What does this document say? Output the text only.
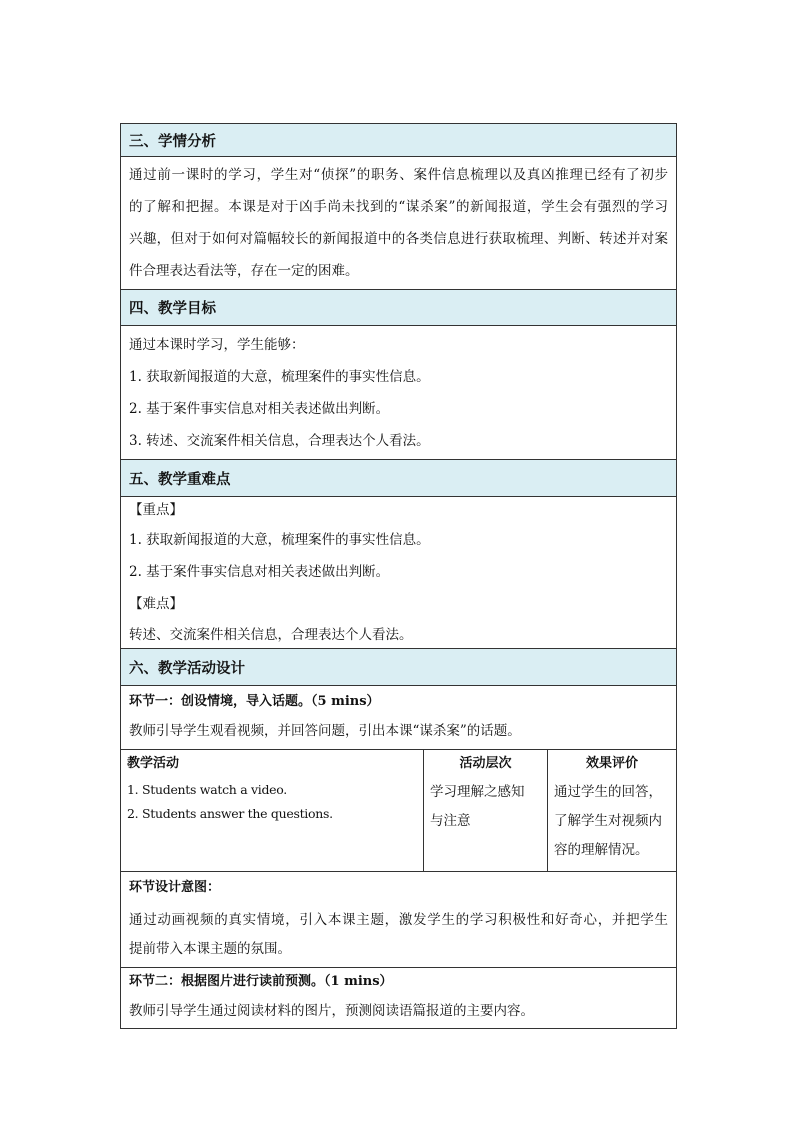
三、学情分析
通过前一课时的学习，学生对“侦探”的职务、案件信息梳理以及真凶推理已经有了初步
的了解和把握。本课是对于凶手尚未找到的“谋杀案”的新闻报道，学生会有强烈的学习
兴趣，但对于如何对篇幅较长的新闻报道中的各类信息进行获取梳理、判断、转述并对案
件合理表达看法等，存在一定的困难。
四、教学目标
通过本课时学习，学生能够：
1. 获取新闻报道的大意，梳理案件的事实性信息。
2. 基于案件事实信息对相关表述做出判断。
3. 转述、交流案件相关信息，合理表达个人看法。
五、教学重难点
【重点】
1. 获取新闻报道的大意，梳理案件的事实性信息。
2. 基于案件事实信息对相关表述做出判断。
【难点】
转述、交流案件相关信息，合理表达个人看法。
六、教学活动设计
环节一：创设情境，导入话题。（5 mins）
教师引导学生观看视频，并回答问题，引出本课“谋杀案”的话题。
教学活动
1. Students watch a video.
2. Students answer the questions.
活动层次
学习理解之感知
与注意
效果评价
通过学生的回答，
了解学生对视频内
容的理解情况。
环节设计意图：
通过动画视频的真实情境，引入本课主题，激发学生的学习积极性和好奇心，并把学生
提前带入本课主题的氛围。
环节二：根据图片进行读前预测。（1 mins）
教师引导学生通过阅读材料的图片，预测阅读语篇报道的主要内容。
